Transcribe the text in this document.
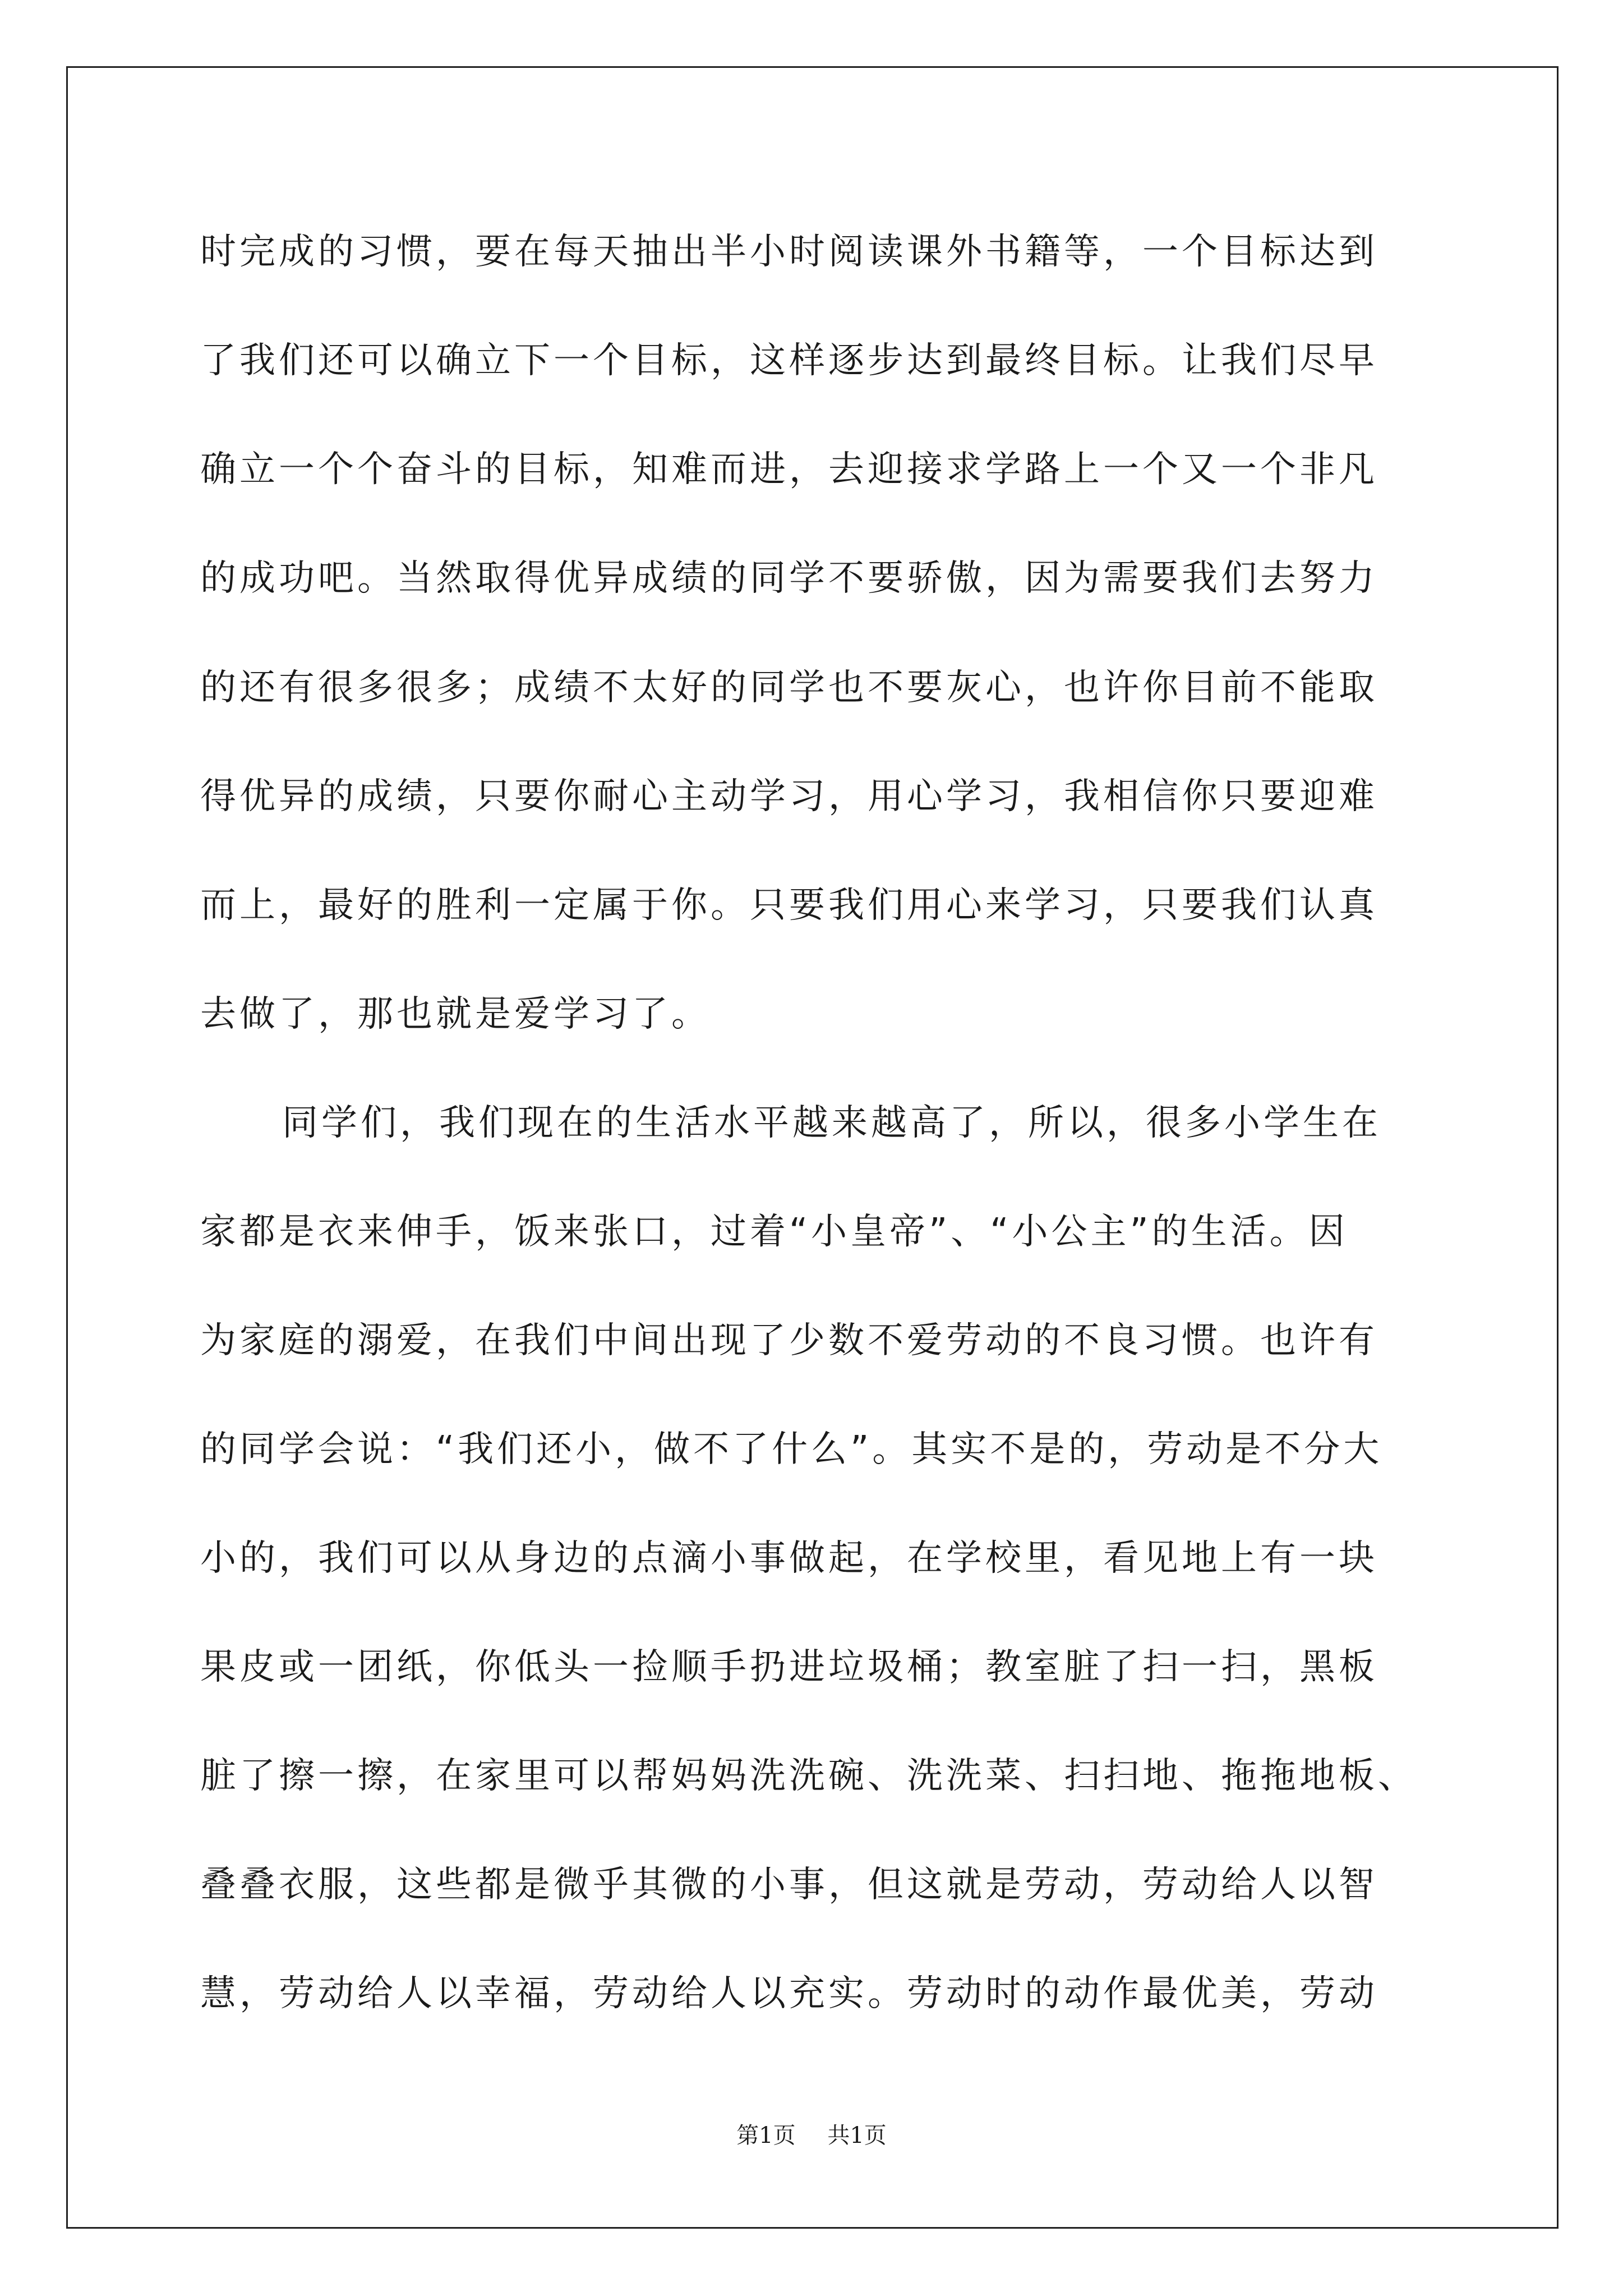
时完成的习惯，要在每天抽出半小时阅读课外书籍等，一个目标达到
了我们还可以确立下一个目标，这样逐步达到最终目标。让我们尽早
确立一个个奋斗的目标，知难而进，去迎接求学路上一个又一个非凡
的成功吧。当然取得优异成绩的同学不要骄傲，因为需要我们去努力
的还有很多很多；成绩不太好的同学也不要灰心，也许你目前不能取
得优异的成绩，只要你耐心主动学习，用心学习，我相信你只要迎难
而上，最好的胜利一定属于你。只要我们用心来学习，只要我们认真
去做了，那也就是爱学习了。
同学们，我们现在的生活水平越来越高了，所以，很多小学生在
家都是衣来伸手，饭来张口，过着“小皇帝”、“小公主”的生活。因
为家庭的溺爱，在我们中间出现了少数不爱劳动的不良习惯。也许有
的同学会说：“我们还小，做不了什么”。其实不是的，劳动是不分大
小的，我们可以从身边的点滴小事做起，在学校里，看见地上有一块
果皮或一团纸，你低头一捡顺手扔进垃圾桶；教室脏了扫一扫，黑板
脏了擦一擦，在家里可以帮妈妈洗洗碗、洗洗菜、扫扫地、拖拖地板、
叠叠衣服，这些都是微乎其微的小事，但这就是劳动，劳动给人以智
慧，劳动给人以幸福，劳动给人以充实。劳动时的动作最优美，劳动
第1页 共1页
